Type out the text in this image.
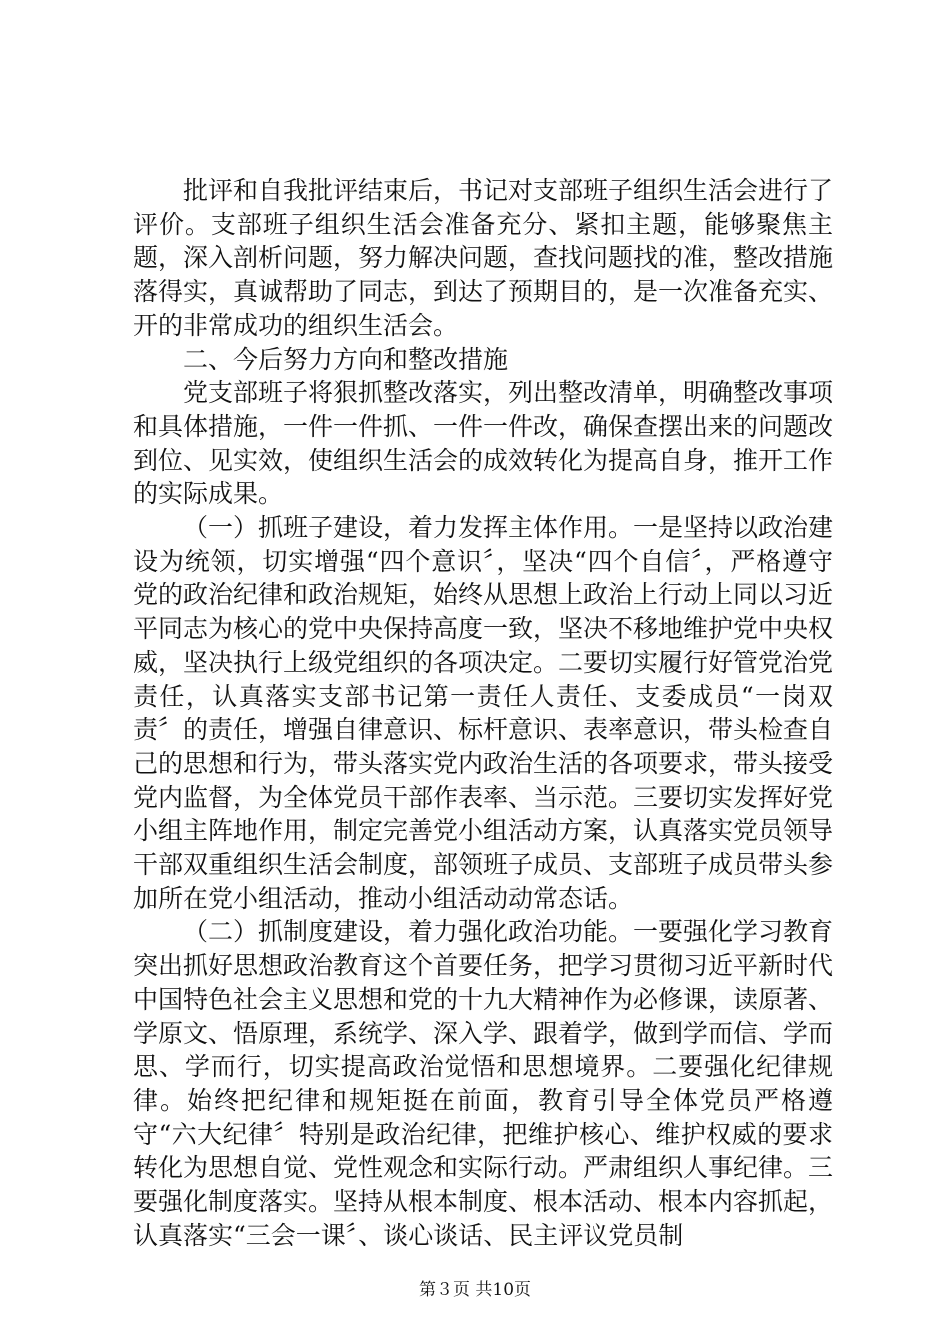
批评和自我批评结束后，书记对支部班子组织生活会进行了评价。支部班子组织生活会准备充分、紧扣主题，能够聚焦主题，深入剖析问题，努力解决问题，查找问题找的准，整改措施落得实，真诚帮助了同志，到达了预期目的，是一次准备充实、开的非常成功的组织生活会。

二、今后努力方向和整改措施

党支部班子将狠抓整改落实，列出整改清单，明确整改事项和具体措施，一件一件抓、一件一件改，确保查摆出来的问题改到位、见实效，使组织生活会的成效转化为提高自身，推开工作的实际成果。

（一）抓班子建设，着力发挥主体作用。一是坚持以政治建设为统领，切实增强“四个意识〞，坚决“四个自信〞，严格遵守党的政治纪律和政治规矩，始终从思想上政治上行动上同以习近平同志为核心的党中央保持高度一致，坚决不移地维护党中央权威，坚决执行上级党组织的各项决定。二要切实履行好管党治党责任，认真落实支部书记第一责任人责任、支委成员“一岗双责〞的责任，增强自律意识、标杆意识、表率意识，带头检查自己的思想和行为，带头落实党内政治生活的各项要求，带头接受党内监督，为全体党员干部作表率、当示范。三要切实发挥好党小组主阵地作用，制定完善党小组活动方案，认真落实党员领导干部双重组织生活会制度，部领班子成员、支部班子成员带头参加所在党小组活动，推动小组活动动常态话。

（二）抓制度建设，着力强化政治功能。一要强化学习教育突出抓好思想政治教育这个首要任务，把学习贯彻习近平新时代中国特色社会主义思想和党的十九大精神作为必修课，读原著、学原文、悟原理，系统学、深入学、跟着学，做到学而信、学而思、学而行，切实提高政治觉悟和思想境界。二要强化纪律规律。始终把纪律和规矩挺在前面，教育引导全体党员严格遵守“六大纪律〞特别是政治纪律，把维护核心、维护权威的要求转化为思想自觉、党性观念和实际行动。严肃组织人事纪律。三要强化制度落实。坚持从根本制度、根本活动、根本内容抓起，认真落实“三会一课〞、谈心谈话、民主评议党员制

第３页 共10页
